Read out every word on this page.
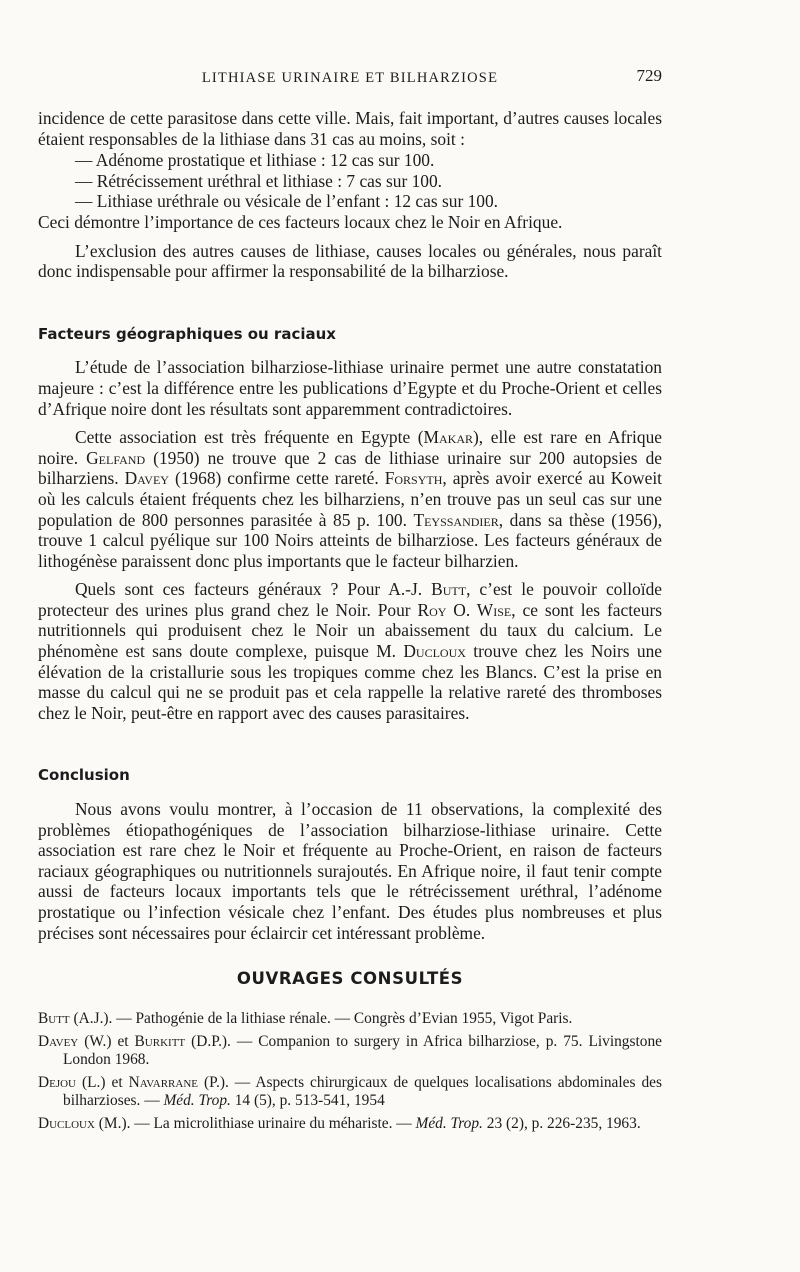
LITHIASE URINAIRE ET BILHARZIOSE	729

incidence de cette parasitose dans cette ville. Mais, fait important, d’autres causes locales étaient responsables de la lithiase dans 31 cas au moins, soit :

— Adénome prostatique et lithiase : 12 cas sur 100.
— Rétrécissement uréthral et lithiase : 7 cas sur 100.
— Lithiase uréthrale ou vésicale de l’enfant : 12 cas sur 100.

Ceci démontre l’importance de ces facteurs locaux chez le Noir en Afrique.

L’exclusion des autres causes de lithiase, causes locales ou générales, nous paraît donc indispensable pour affirmer la responsabilité de la bilharziose.

Facteurs géographiques ou raciaux

L’étude de l’association bilharziose-lithiase urinaire permet une autre constatation majeure : c’est la différence entre les publications d’Egypte et du Proche-Orient et celles d’Afrique noire dont les résultats sont apparemment contradictoires.

Cette association est très fréquente en Egypte (Makar), elle est rare en Afrique noire. Gelfand (1950) ne trouve que 2 cas de lithiase urinaire sur 200 autopsies de bilharziens. Davey (1968) confirme cette rareté. Forsyth, après avoir exercé au Koweit où les calculs étaient fréquents chez les bilharziens, n’en trouve pas un seul cas sur une population de 800 personnes parasitée à 85 p. 100. Teyssandier, dans sa thèse (1956), trouve 1 calcul pyélique sur 100 Noirs atteints de bilharziose. Les facteurs généraux de lithogénèse paraissent donc plus importants que le facteur bilharzien.

Quels sont ces facteurs généraux ? Pour A.-J. Butt, c’est le pouvoir colloïde protecteur des urines plus grand chez le Noir. Pour Roy O. Wise, ce sont les facteurs nutritionnels qui produisent chez le Noir un abaissement du taux du calcium. Le phénomène est sans doute complexe, puisque M. Ducloux trouve chez les Noirs une élévation de la cristallurie sous les tropiques comme chez les Blancs. C’est la prise en masse du calcul qui ne se produit pas et cela rappelle la relative rareté des thromboses chez le Noir, peut-être en rapport avec des causes parasitaires.

Conclusion

Nous avons voulu montrer, à l’occasion de 11 observations, la complexité des problèmes étiopathogéniques de l’association bilharziose-lithiase urinaire. Cette association est rare chez le Noir et fréquente au Proche-Orient, en raison de facteurs raciaux géographiques ou nutritionnels surajoutés. En Afrique noire, il faut tenir compte aussi de facteurs locaux importants tels que le rétrécissement uréthral, l’adénome prostatique ou l’infection vésicale chez l’enfant. Des études plus nombreuses et plus précises sont nécessaires pour éclaircir cet intéressant problème.

OUVRAGES CONSULTÉS

Butt (A.J.). — Pathogénie de la lithiase rénale. — Congrès d’Evian 1955, Vigot Paris.

Davey (W.) et Burkitt (D.P.). — Companion to surgery in Africa bilharziose, p. 75. Livingstone London 1968.

Dejou (L.) et Navarrane (P.). — Aspects chirurgicaux de quelques localisations abdominales des bilharzioses. — Méd. Trop. 14 (5), p. 513-541, 1954

Ducloux (M.). — La microlithiase urinaire du méhariste. — Méd. Trop. 23 (2), p. 226-235, 1963.
